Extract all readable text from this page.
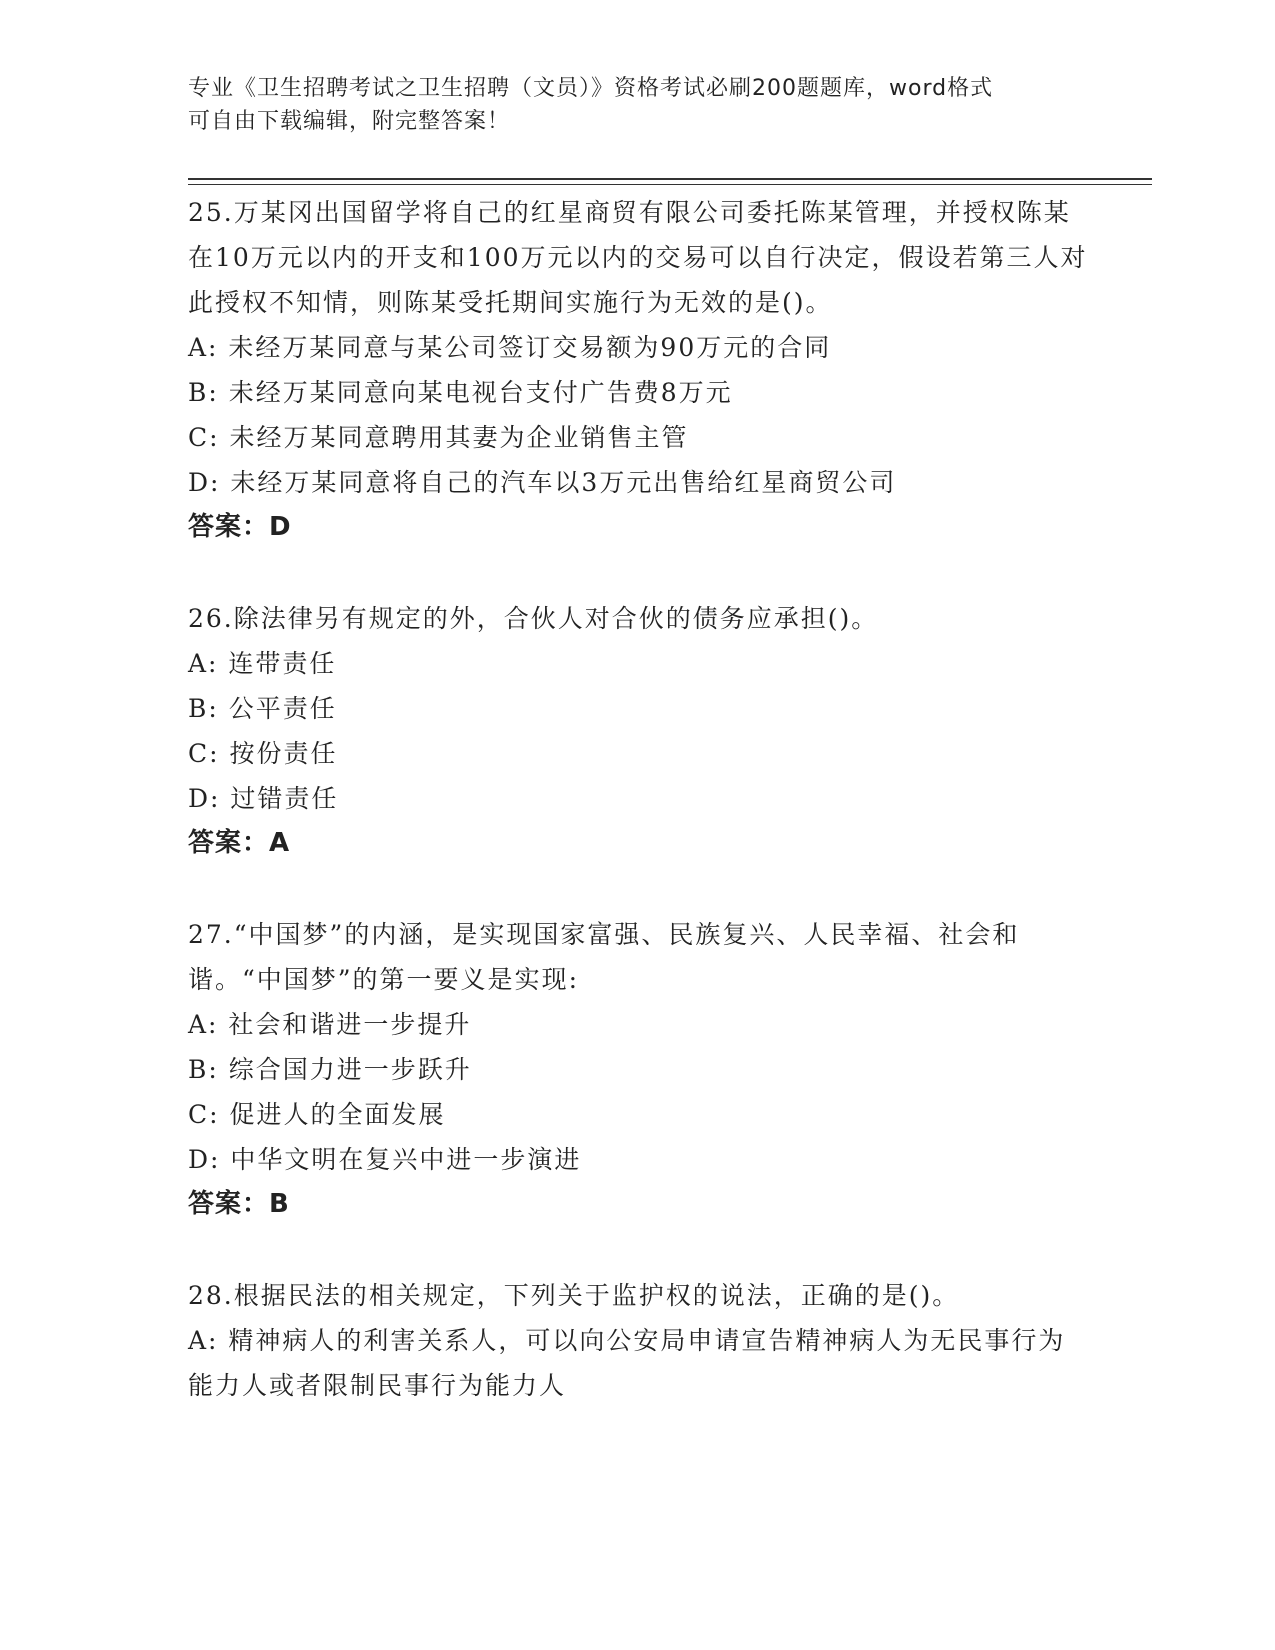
专业《卫生招聘考试之卫生招聘（文员）》资格考试必刷200题题库，word格式
可自由下载编辑，附完整答案！

25.万某冈出国留学将自己的红星商贸有限公司委托陈某管理，并授权陈某在10万元以内的开支和100万元以内的交易可以自行决定，假设若第三人对此授权不知情，则陈某受托期间实施行为无效的是()。

A: 未经万某同意与某公司签订交易额为90万元的合同

B: 未经万某同意向某电视台支付广告费8万元

C: 未经万某同意聘用其妻为企业销售主管

D: 未经万某同意将自己的汽车以3万元出售给红星商贸公司

答案：D

26.除法律另有规定的外，合伙人对合伙的债务应承担()。

A: 连带责任

B: 公平责任

C: 按份责任

D: 过错责任

答案：A

27.“中国梦”的内涵，是实现国家富强、民族复兴、人民幸福、社会和谐。“中国梦”的第一要义是实现:

A: 社会和谐进一步提升

B: 综合国力进一步跃升

C: 促进人的全面发展

D: 中华文明在复兴中进一步演进

答案：B

28.根据民法的相关规定，下列关于监护权的说法，正确的是()。

A: 精神病人的利害关系人，可以向公安局申请宣告精神病人为无民事行为能力人或者限制民事行为能力人
